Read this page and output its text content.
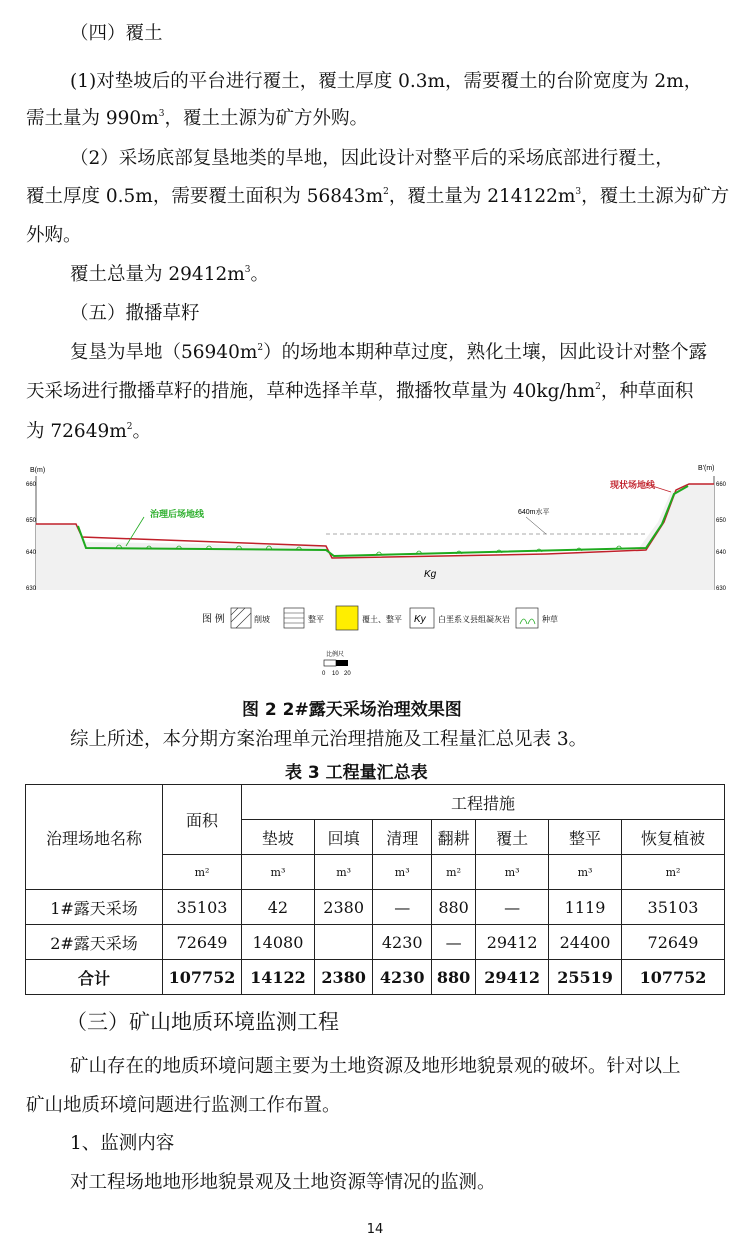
（四）覆土
(1)对垫坡后的平台进行覆土，覆土厚度 0.3m，需要覆土的台阶宽度为 2m，
需土量为 $990m^3$，覆土土源为矿方外购。
（2）采场底部复垦地类的旱地，因此设计对整平后的采场底部进行覆土，
覆土厚度 0.5m，需要覆土面积为 $56843m^2$，覆土量为 $214122m^3$，覆土土源为矿方
外购。
覆土总量为 $29412m^3$。
（五）撒播草籽
复垦为旱地$(56940m^2)$的场地本期种草过度，熟化土壤，因此设计对整个露
天采场进行撒播草籽的措施，草种选择羊草，撒播牧草量为 $40kg/hm^2$，种草面积
为 $72649m^2$。
B(m)	B'(m)
660
650
640
630
660
650
640
630
640m水平
Kg
治理后场地线
现状场地线
图 例	削坡	整平	覆土、整平 Ky 白垩系义县组凝灰岩	种草
比例尺
0 10 20
图 2 2#露天采场治理效果图
综上所述，本分期方案治理单元治理措施及工程量汇总见表 3。
表 3 工程量汇总表
治理场地名称	面积	工程措施						
		垫坡	回填	清理	翻耕	覆土	整平	恢复植被
	m²	m³	m³	m³	m²	m³	m³	m²
1#露天采场	35103	42	2380	—	880	—	1119	35103
2#露天采场	72649	14080		4230	—	29412	24400	72649
合计	107752	14122	2380	4230	880	29412	25519	107752
（三）矿山地质环境监测工程
矿山存在的地质环境问题主要为土地资源及地形地貌景观的破坏。针对以上
矿山地质环境问题进行监测工作布置。
1、监测内容
对工程场地地形地貌景观及土地资源等情况的监测。
14
